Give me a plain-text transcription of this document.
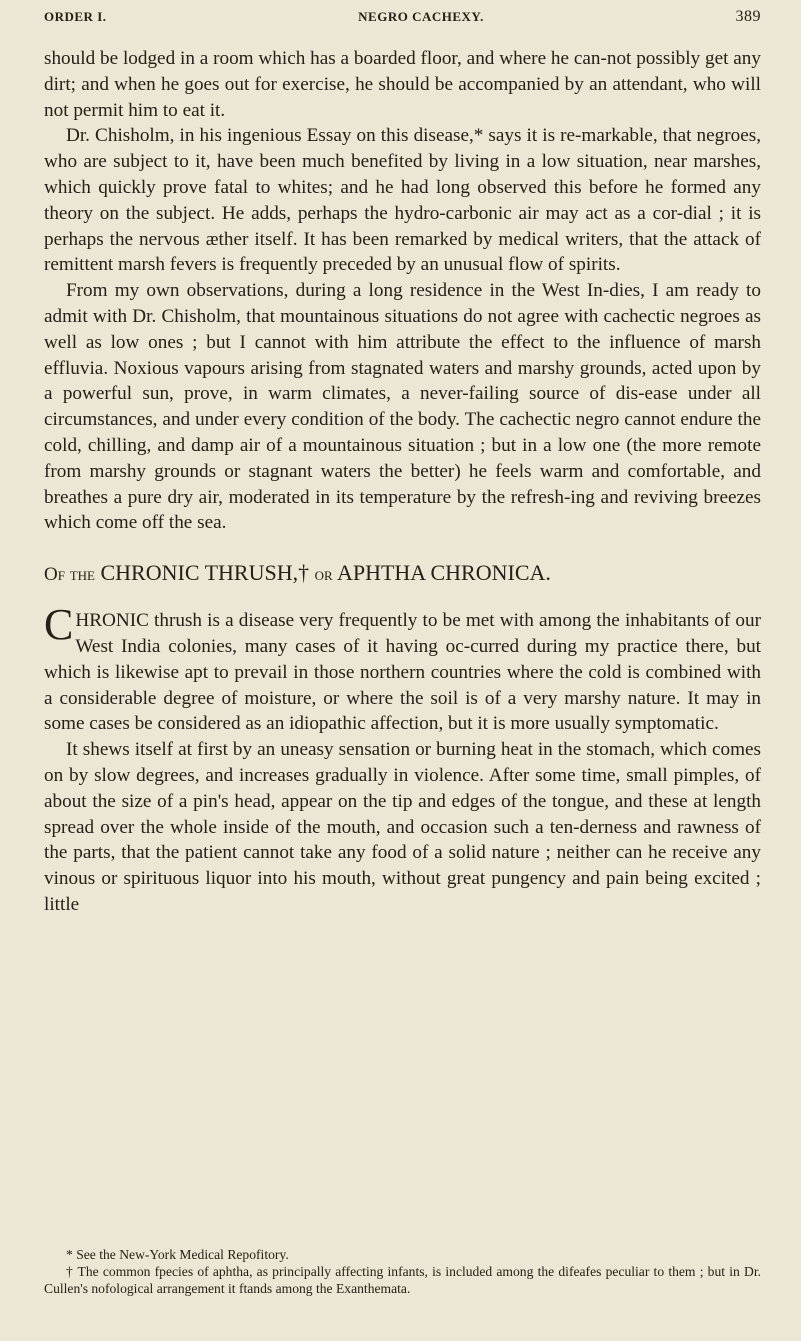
ORDER I.	NEGRO CACHEXY.	389

should be lodged in a room which has a boarded floor, and where he can-not possibly get any dirt; and when he goes out for exercise, he should be accompanied by an attendant, who will not permit him to eat it.

Dr. Chisholm, in his ingenious Essay on this disease,* says it is re-markable, that negroes, who are subject to it, have been much benefited by living in a low situation, near marshes, which quickly prove fatal to whites; and he had long observed this before he formed any theory on the subject. He adds, perhaps the hydro-carbonic air may act as a cor-dial ; it is perhaps the nervous æther itself. It has been remarked by medical writers, that the attack of remittent marsh fevers is frequently preceded by an unusual flow of spirits.

From my own observations, during a long residence in the West In-dies, I am ready to admit with Dr. Chisholm, that mountainous situations do not agree with cachectic negroes as well as low ones ; but I cannot with him attribute the effect to the influence of marsh effluvia. Noxious vapours arising from stagnated waters and marshy grounds, acted upon by a powerful sun, prove, in warm climates, a never-failing source of dis-ease under all circumstances, and under every condition of the body. The cachectic negro cannot endure the cold, chilling, and damp air of a mountainous situation ; but in a low one (the more remote from marshy grounds or stagnant waters the better) he feels warm and comfortable, and breathes a pure dry air, moderated in its temperature by the refresh-ing and reviving breezes which come off the sea.

Of the CHRONIC THRUSH,† or APHTHA CHRONICA.

CHRONIC thrush is a disease very frequently to be met with among the inhabitants of our West India colonies, many cases of it having oc-curred during my practice there, but which is likewise apt to prevail in those northern countries where the cold is combined with a considerable degree of moisture, or where the soil is of a very marshy nature. It may in some cases be considered as an idiopathic affection, but it is more usually symptomatic.

It shews itself at first by an uneasy sensation or burning heat in the stomach, which comes on by slow degrees, and increases gradually in violence. After some time, small pimples, of about the size of a pin's head, appear on the tip and edges of the tongue, and these at length spread over the whole inside of the mouth, and occasion such a ten-derness and rawness of the parts, that the patient cannot take any food of a solid nature ; neither can he receive any vinous or spirituous liquor into his mouth, without great pungency and pain being excited ; little

* See the New-York Medical Repofitory.

† The common fpecies of aphtha, as principally affecting infants, is included among the difeafes peculiar to them ; but in Dr. Cullen's nofological arrangement it ftands among the Exanthemata.
